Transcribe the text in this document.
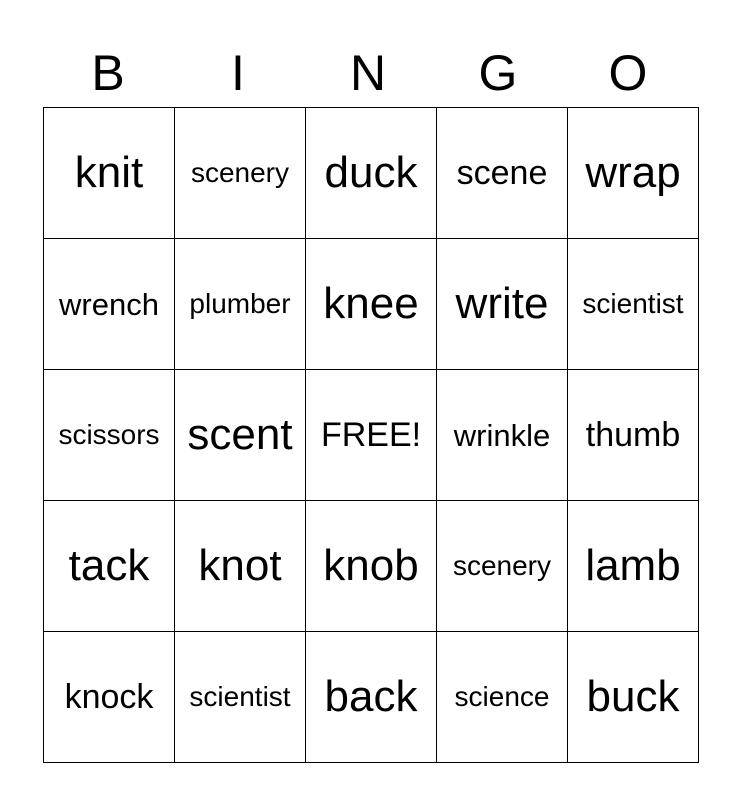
B	I	N	G	O
knit	scenery	duck	scene	wrap
wrench	plumber	knee	write	scientist
scissors	scent	FREE!	wrinkle	thumb
tack	knot	knob	scenery	lamb
knock	scientist	back	science	buck
